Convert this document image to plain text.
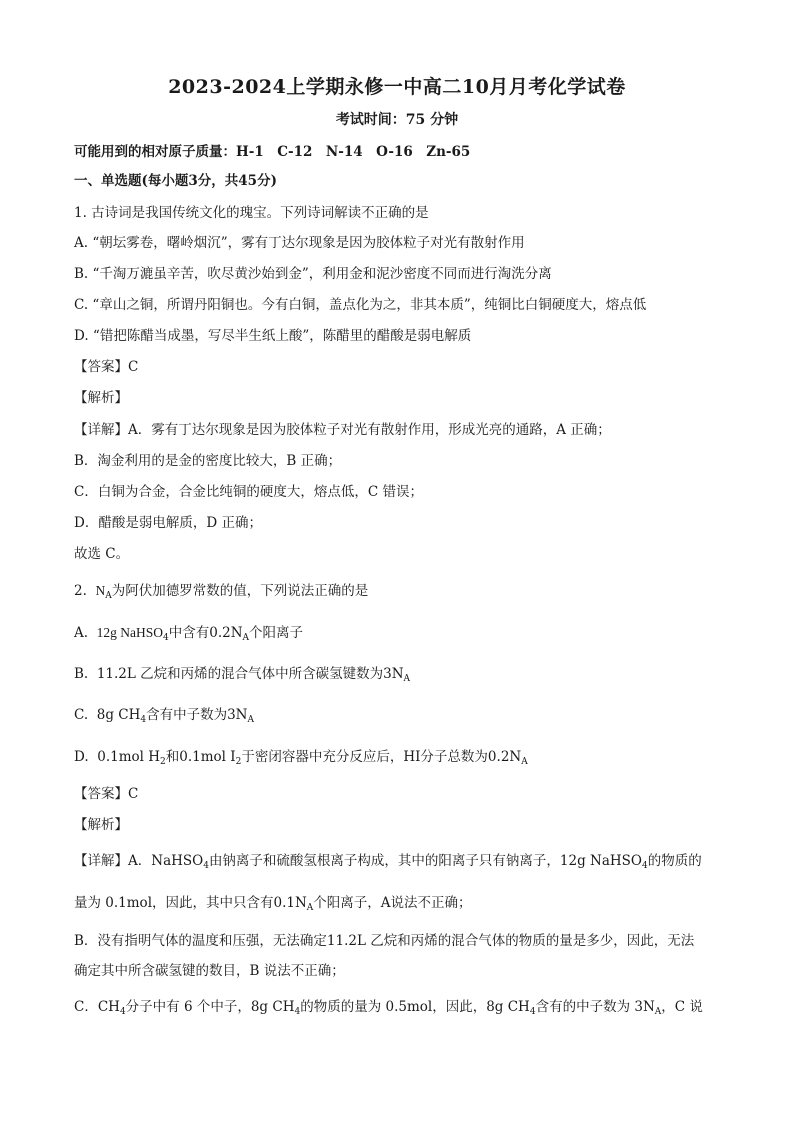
2023-2024上学期永修一中高二10月月考化学试卷
考试时间：75 分钟
可能用到的相对原子质量：H-1　C-12　N-14　O-16　Zn-65
一、单选题(每小题3分，共45分)
1. 古诗词是我国传统文化的瑰宝。下列诗词解读不正确的是
A. “朝坛雾卷，曙岭烟沉”，雾有丁达尔现象是因为胶体粒子对光有散射作用
B. “千淘万漉虽辛苦，吹尽黄沙始到金”，利用金和泥沙密度不同而进行淘洗分离
C. “章山之铜，所谓丹阳铜也。今有白铜，盖点化为之，非其本质”，纯铜比白铜硬度大，熔点低
D. “错把陈醋当成墨，写尽半生纸上酸”，陈醋里的醋酸是弱电解质
【答案】C
【解析】
【详解】A．雾有丁达尔现象是因为胶体粒子对光有散射作用，形成光亮的通路，A 正确；
B．淘金利用的是金的密度比较大，B 正确；
C．白铜为合金，合金比纯铜的硬度大，熔点低，C 错误；
D．醋酸是弱电解质，D 正确；
故选 C。
2. $N_A$为阿伏加德罗常数的值，下列说法正确的是
A. 12g NaHSO$_4$中含有$0.2N_A$个阳离子
B. 11.2L 乙烷和丙烯的混合气体中所含碳氢键数为$3N_A$
C. 8g $CH_4$含有中子数为$3N_A$
D. 0.1mol $H_2$和0.1mol $I_2$于密闭容器中充分反应后，HI分子总数为$0.2N_A$
【答案】C
【解析】
【详解】A．NaHSO$_4$由钠离子和硫酸氢根离子构成，其中的阳离子只有钠离子，12g NaHSO$_4$的物质的
量为 0.1mol，因此，其中只含有$0.1N_A$个阳离子，A说法不正确；
B．没有指明气体的温度和压强，无法确定11.2L 乙烷和丙烯的混合气体的物质的量是多少，因此，无法
确定其中所含碳氢键的数目，B 说法不正确；
C．$CH_4$分子中有 6 个中子，8g $CH_4$的物质的量为 0.5mol，因此，8g $CH_4$含有的中子数为 $3N_A$，C 说
